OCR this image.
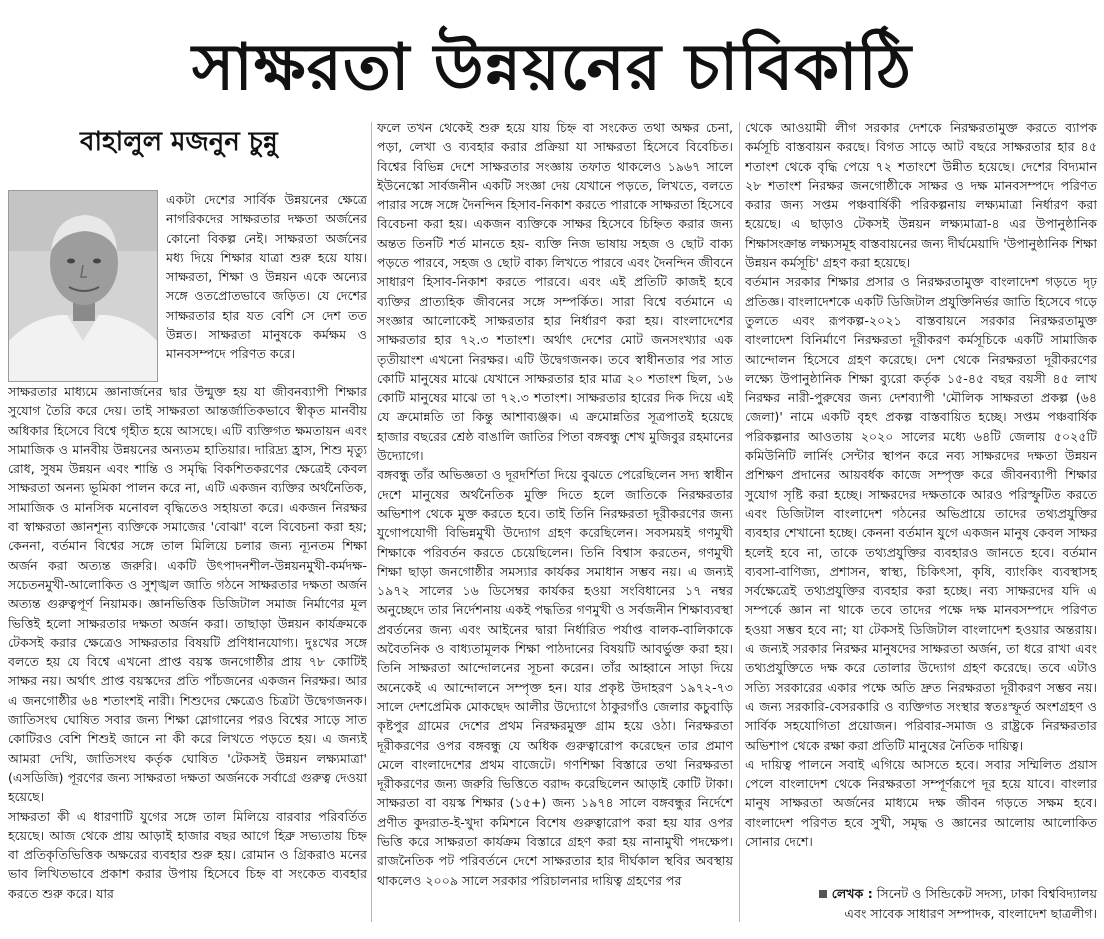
সাক্ষরতা উন্নয়নের চাবিকাঠি
বাহালুল মজনুন চুন্নু

একটা দেশের সার্বিক উন্নয়নের ক্ষেত্রে নাগরিকদের সাক্ষরতার দক্ষতা অর্জনের কোনো বিকল্প নেই। সাক্ষরতা অর্জনের মধ্য দিয়ে শিক্ষার যাত্রা শুরু হয়ে যায়। সাক্ষরতা, শিক্ষা ও উন্নয়ন একে অন্যের সঙ্গে ওতপ্রোতভাবে জড়িত। যে দেশের সাক্ষরতার হার যত বেশি সে দেশ তত উন্নত। সাক্ষরতা মানুষকে কর্মক্ষম ও মানবসম্পদে পরিণত করে।

সাক্ষরতার মাধ্যমে জ্ঞানার্জনের দ্বার উন্মুক্ত হয় যা জীবনব্যাপী শিক্ষার সুযোগ তৈরি করে দেয়। তাই সাক্ষরতা আন্তর্জাতিকভাবে স্বীকৃত মানবীয় অধিকার হিসেবে বিশ্বে গৃহীত হয়ে আসছে। এটি ব্যক্তিগত ক্ষমতায়ন এবং সামাজিক ও মানবীয় উন্নয়নের অন্যতম হাতিয়ার। দারিদ্র্য হ্রাস, শিশু মৃত্যু রোধ, সুষম উন্নয়ন এবং শান্তি ও সমৃদ্ধি বিকশিতকরণের ক্ষেত্রেই কেবল সাক্ষরতা অনন্য ভূমিকা পালন করে না, এটি একজন ব্যক্তির অর্থনৈতিক, সামাজিক ও মানসিক মনোবল বৃদ্ধিতেও সহায়তা করে। একজন নিরক্ষর বা স্বাক্ষরতা জ্ঞানশূন্য ব্যক্তিকে সমাজের 'বোঝা' বলে বিবেচনা করা হয়; কেননা, বর্তমান বিশ্বের সঙ্গে তাল মিলিয়ে চলার জন্য ন্যূনতম শিক্ষা অর্জন করা অত্যন্ত জরুরি। একটি উৎপাদনশীল-উন্নয়নমুখী-কর্মদক্ষ-সচেতনমুখী-আলোকিত ও সুশৃঙ্খল জাতি গঠনে সাক্ষরতার দক্ষতা অর্জন অত্যন্ত গুরুত্বপূর্ণ নিয়ামক। জ্ঞানভিত্তিক ডিজিটাল সমাজ নির্মাণের মূল ভিত্তিই হলো সাক্ষরতার দক্ষতা অর্জন করা। তাছাড়া উন্নয়ন কার্যক্রমকে টেকসই করার ক্ষেত্রেও সাক্ষরতার বিষয়টি প্রণিধানযোগ্য। দুঃখের সঙ্গে বলতে হয় যে বিশ্বে এখনো প্রাপ্ত বয়স্ক জনগোষ্ঠীর প্রায় ৭৮ কোটিই সাক্ষর নয়। অর্থাৎ প্রাপ্ত বয়স্কদের প্রতি পাঁচজনের একজন নিরক্ষর। আর এ জনগোষ্ঠীর ৬৪ শতাংশই নারী। শিশুদের ক্ষেত্রেও চিত্রটা উদ্বেগজনক। জাতিসংঘ ঘোষিত সবার জন্য শিক্ষা স্লোগানের পরও বিশ্বের সাড়ে সাত কোটিরও বেশি শিশুই জানে না কী করে লিখতে পড়তে হয়। এ জন্যই আমরা দেখি, জাতিসংঘ কর্তৃক ঘোষিত 'টেকসই উন্নয়ন লক্ষ্যমাত্রা' (এসডিজি) পূরণের জন্য সাক্ষরতা দক্ষতা অর্জনকে সর্বাগ্রে গুরুত্ব দেওয়া হয়েছে।

সাক্ষরতা কী এ ধারণাটি যুগের সঙ্গে তাল মিলিয়ে বারবার পরিবর্তিত হয়েছে। আজ থেকে প্রায় আড়াই হাজার বছর আগে হিব্রু সভ্যতায় চিহ্ন বা প্রতিকৃতিভিত্তিক অক্ষরের ব্যবহার শুরু হয়। রোমান ও গ্রিকরাও মনের ভাব লিখিতভাবে প্রকাশ করার উপায় হিসেবে চিহ্ন বা সংকেত ব্যবহার করতে শুরু করে। যার

ফলে তখন থেকেই শুরু হয়ে যায় চিহ্ন বা সংকেত তথা অক্ষর চেনা, পড়া, লেখা ও ব্যবহার করার প্রক্রিয়া যা সাক্ষরতা হিসেবে বিবেচিত। বিশ্বের বিভিন্ন দেশে সাক্ষরতার সংজ্ঞায় তফাত থাকলেও ১৯৬৭ সালে ইউনেস্কো সার্বজনীন একটি সংজ্ঞা দেয় যেখানে পড়তে, লিখতে, বলতে পারার সঙ্গে সঙ্গে দৈনন্দিন হিসাব-নিকাশ করতে পারাকে সাক্ষরতা হিসেবে বিবেচনা করা হয়। একজন ব্যক্তিকে সাক্ষর হিসেবে চিহ্নিত করার জন্য অন্তত তিনটি শর্ত মানতে হয়- ব্যক্তি নিজ ভাষায় সহজ ও ছোট বাক্য পড়তে পারবে, সহজ ও ছোট বাক্য লিখতে পারবে এবং দৈনন্দিন জীবনে সাধারণ হিসাব-নিকাশ করতে পারবে। এবং এই প্রতিটি কাজই হবে ব্যক্তির প্রাত্যহিক জীবনের সঙ্গে সম্পর্কিত। সারা বিশ্বে বর্তমানে এ সংজ্ঞার আলোকেই সাক্ষরতার হার নির্ধারণ করা হয়। বাংলাদেশের সাক্ষরতার হার ৭২.৩ শতাংশ। অর্থাৎ দেশের মোট জনসংখ্যার এক তৃতীয়াংশ এখনো নিরক্ষর। এটি উদ্বেগজনক। তবে স্বাধীনতার পর সাত কোটি মানুষের মাঝে যেখানে সাক্ষরতার হার মাত্র ২০ শতাংশ ছিল, ১৬ কোটি মানুষের মাঝে তা ৭২.৩ শতাংশ। সাক্ষরতার হারের দিক দিয়ে এই যে ক্রমোন্নতি তা কিন্তু আশাব্যঞ্জক। এ ক্রমোন্নতির সূত্রপাতই হয়েছে হাজার বছরের শ্রেষ্ঠ বাঙালি জাতির পিতা বঙ্গবন্ধু শেখ মুজিবুর রহমানের উদ্যোগে।

বঙ্গবন্ধু তাঁর অভিজ্ঞতা ও দূরদর্শিতা দিয়ে বুঝতে পেরেছিলেন সদ্য স্বাধীন দেশে মানুষের অর্থনৈতিক মুক্তি দিতে হলে জাতিকে নিরক্ষরতার অভিশাপ থেকে মুক্ত করতে হবে। তাই তিনি নিরক্ষরতা দূরীকরণের জন্য যুগোপযোগী বিভিন্নমুখী উদ্যোগ গ্রহণ করেছিলেন। সবসময়ই গণমুখী শিক্ষাকে পরিবর্তন করতে চেয়েছিলেন। তিনি বিশ্বাস করতেন, গণমুখী শিক্ষা ছাড়া জনগোষ্ঠীর সমস্যার কার্যকর সমাধান সম্ভব নয়। এ জন্যই ১৯৭২ সালের ১৬ ডিসেম্বর কার্যকর হওয়া সংবিধানের ১৭ নম্বর অনুচ্ছেদে তার নির্দেশনায় একই পদ্ধতির গণমুখী ও সর্বজনীন শিক্ষাব্যবস্থা প্রবর্তনের জন্য এবং আইনের দ্বারা নির্ধারিত পর্যাপ্ত বালক-বালিকাকে অবৈতনিক ও বাধ্যতামূলক শিক্ষা পাঠদানের বিষয়টি আবর্ভুক্ত করা হয়। তিনি সাক্ষরতা আন্দোলনের সূচনা করেন। তাঁর আহ্বানে সাড়া দিয়ে অনেকেই এ আন্দোলনে সম্পৃক্ত হন। যার প্রকৃষ্ট উদাহরণ ১৯৭২-৭৩ সালে দেশপ্রেমিক মোকছেদ আলীর উদ্যোগে ঠাকুরগাঁও জেলার কচুবাড়ি কৃষ্টপুর গ্রামের দেশের প্রথম নিরক্ষরমুক্ত গ্রাম হয়ে ওঠা। নিরক্ষরতা দূরীকরণের ওপর বঙ্গবন্ধু যে অধিক গুরুত্বারোপ করেছেন তার প্রমাণ মেলে বাংলাদেশের প্রথম বাজেটে। গণশিক্ষা বিস্তারে তথা নিরক্ষরতা দূরীকরণের জন্য জরুরি ভিত্তিতে বরাদ্দ করেছিলেন আড়াই কোটি টাকা। সাক্ষরতা বা বয়স্ক শিক্ষার (১৫+) জন্য ১৯৭৪ সালে বঙ্গবন্ধুর নির্দেশে প্রণীত কুদরাত-ই-খুদা কমিশনে বিশেষ গুরুত্বারোপ করা হয় যার ওপর ভিত্তি করে সাক্ষরতা কার্যক্রম বিস্তারে গ্রহণ করা হয় নানামুখী পদক্ষেপ। রাজনৈতিক পট পরিবর্তনে দেশে সাক্ষরতার হার দীর্ঘকাল স্থবির অবস্থায় থাকলেও ২০০৯ সালে সরকার পরিচালনার দায়িত্ব গ্রহণের পর

থেকে আওয়ামী লীগ সরকার দেশকে নিরক্ষরতামুক্ত করতে ব্যাপক কর্মসূচি বাস্তবায়ন করছে। বিগত সাড়ে আট বছরে সাক্ষরতার হার ৪৫ শতাংশ থেকে বৃদ্ধি পেয়ে ৭২ শতাংশে উন্নীত হয়েছে। দেশের বিদ্যমান ২৮ শতাংশ নিরক্ষর জনগোষ্ঠীকে সাক্ষর ও দক্ষ মানবসম্পদে পরিণত করার জন্য সপ্তম পঞ্চবার্ষিকী পরিকল্পনায় লক্ষ্যমাত্রা নির্ধারণ করা হয়েছে। এ ছাড়াও টেকসই উন্নয়ন লক্ষ্যমাত্রা-৪ এর উপানুষ্ঠানিক শিক্ষাসংক্রান্ত লক্ষ্যসমূহ বাস্তবায়নের জন্য দীর্ঘমেয়াদি 'উপানুষ্ঠানিক শিক্ষা উন্নয়ন কর্মসূচি' গ্রহণ করা হয়েছে।

বর্তমান সরকার শিক্ষার প্রসার ও নিরক্ষরতামুক্ত বাংলাদেশ গড়তে দৃঢ় প্রতিজ্ঞ। বাংলাদেশকে একটি ডিজিটাল প্রযুক্তিনির্ভর জাতি হিসেবে গড়ে তুলতে এবং রূপকল্প-২০২১ বাস্তবায়নে সরকার নিরক্ষরতামুক্ত বাংলাদেশ বিনির্মাণে নিরক্ষরতা দূরীকরণ কর্মসূচিকে একটি সামাজিক আন্দোলন হিসেবে গ্রহণ করেছে। দেশ থেকে নিরক্ষরতা দূরীকরণের লক্ষ্যে উপানুষ্ঠানিক শিক্ষা ব্যুরো কর্তৃক ১৫-৪৫ বছর বয়সী ৪৫ লাখ নিরক্ষর নারী-পুরুষের জন্য দেশব্যাপী 'মৌলিক সাক্ষরতা প্রকল্প (৬৪ জেলা)' নামে একটি বৃহৎ প্রকল্প বাস্তবায়িত হচ্ছে। সপ্তম পঞ্চবার্ষিক পরিকল্পনার আওতায় ২০২০ সালের মধ্যে ৬৪টি জেলায় ৫০২৫টি কমিউনিটি লার্নিং সেন্টার স্থাপন করে নব্য সাক্ষরদের দক্ষতা উন্নয়ন প্রশিক্ষণ প্রদানের আয়বর্ধক কাজে সম্পৃক্ত করে জীবনব্যাপী শিক্ষার সুযোগ সৃষ্টি করা হচ্ছে। সাক্ষরদের দক্ষতাকে আরও পরিস্ফুটিত করতে এবং ডিজিটাল বাংলাদেশ গঠনের অভিপ্রায়ে তাদের তথ্যপ্রযুক্তির ব্যবহার শেখানো হচ্ছে। কেননা বর্তমান যুগে একজন মানুষ কেবল সাক্ষর হলেই হবে না, তাকে তথ্যপ্রযুক্তির ব্যবহারও জানতে হবে। বর্তমান ব্যবসা-বাণিজ্য, প্রশাসন, স্বাস্থ্য, চিকিৎসা, কৃষি, ব্যাংকিং ব্যবস্থাসহ সর্বক্ষেত্রেই তথ্যপ্রযুক্তির ব্যবহার করা হচ্ছে। নব্য সাক্ষরদের যদি এ সম্পর্কে জ্ঞান না থাকে তবে তাদের পক্ষে দক্ষ মানবসম্পদে পরিণত হওয়া সম্ভব হবে না; যা টেকসই ডিজিটাল বাংলাদেশ হওয়ার অন্তরায়। এ জন্যই সরকার নিরক্ষর মানুষদের সাক্ষরতা অর্জন, তা ধরে রাখা এবং তথ্যপ্রযুক্তিতে দক্ষ করে তোলার উদ্যোগ গ্রহণ করেছে। তবে এটাও সত্যি সরকারের একার পক্ষে অতি দ্রুত নিরক্ষরতা দূরীকরণ সম্ভব নয়। এ জন্য সরকারি-বেসরকারি ও ব্যক্তিগত সংস্থার স্বতঃস্ফূর্ত অংশগ্রহণ ও সার্বিক সহযোগিতা প্রয়োজন। পরিবার-সমাজ ও রাষ্ট্রকে নিরক্ষরতার অভিশাপ থেকে রক্ষা করা প্রতিটি মানুষের নৈতিক দায়িত্ব।

এ দায়িত্ব পালনে সবাই এগিয়ে আসতে হবে। সবার সম্মিলিত প্রয়াস পেলে বাংলাদেশ থেকে নিরক্ষরতা সম্পূর্ণরূপে দূর হয়ে যাবে। বাংলার মানুষ সাক্ষরতা অর্জনের মাধ্যমে দক্ষ জীবন গড়তে সক্ষম হবে। বাংলাদেশ পরিণত হবে সুখী, সমৃদ্ধ ও জ্ঞানের আলোয় আলোকিত সোনার দেশে।

লেখক : সিনেট ও সিন্ডিকেট সদস্য, ঢাকা বিশ্ববিদ্যালয়
এবং সাবেক সাধারণ সম্পাদক, বাংলাদেশ ছাত্রলীগ।
